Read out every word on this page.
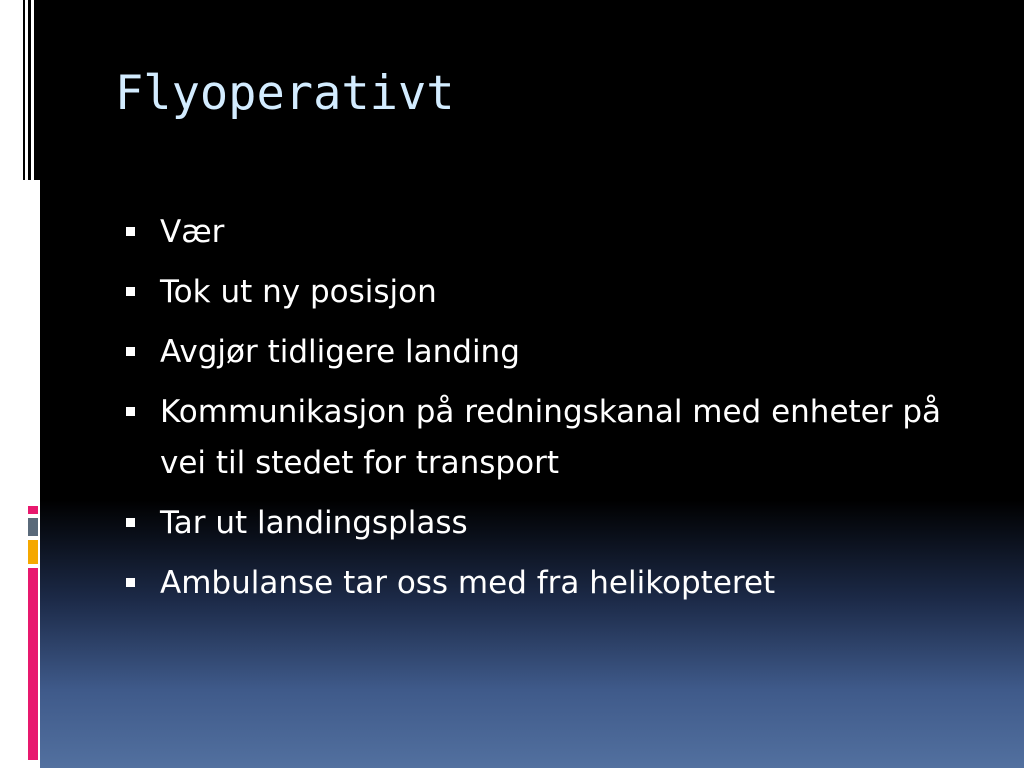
Flyoperativt
Vær
Tok ut ny posisjon
Avgjør tidligere landing
Kommunikasjon på redningskanal med enheter på vei til stedet for transport
Tar ut landingsplass
Ambulanse tar oss med fra helikopteret
